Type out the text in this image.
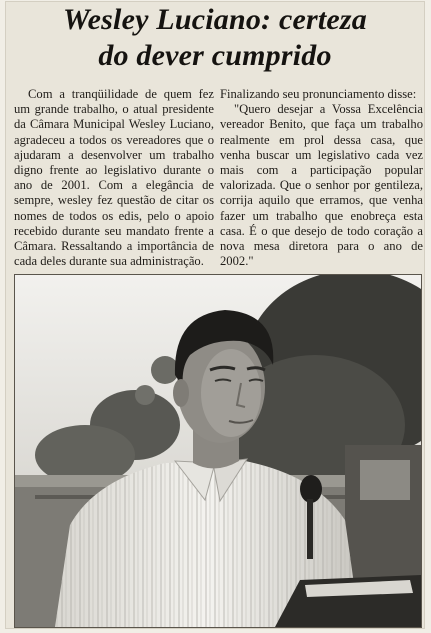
Wesley Luciano: certeza
do dever cumprido
Com a tranqüilidade de quem fez um grande trabalho, o atual presidente da Câmara Municipal Wesley Luciano, agradeceu a todos os vereadores que o ajudaram a desenvolver um trabalho digno frente ao legislativo durante o ano de 2001. Com a elegância de sempre, wesley fez questão de citar os nomes de todos os edis, pelo o apoio recebido durante seu mandato frente a Câmara. Ressaltando a importância de cada deles durante sua administração.

Finalizando seu pronunciamento disse:

"Quero desejar a Vossa Excelência vereador Benito, que faça um trabalho realmente em prol dessa casa, que venha buscar um legislativo cada vez mais com a participação popular valorizada. Que o senhor por gentileza, corrija aquilo que erramos, que venha fazer um trabalho que enobreça esta casa. É o que desejo de todo coração a nova mesa diretora para o ano de 2002."
